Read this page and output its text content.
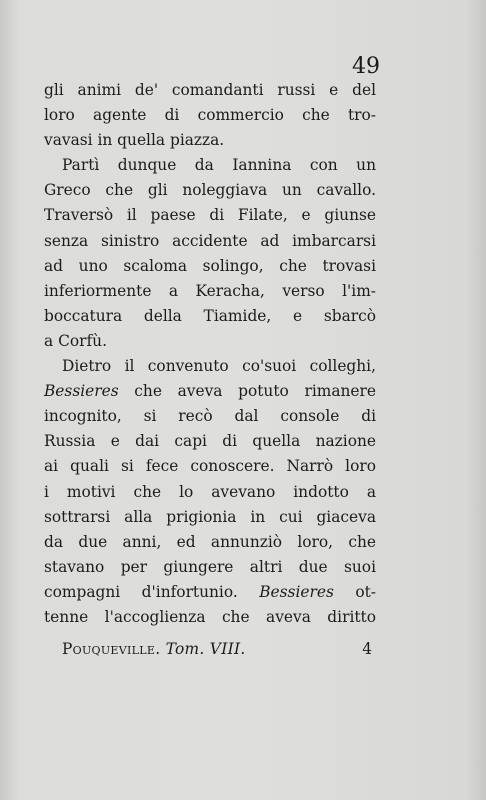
49
gli animi de' comandanti russi e del
loro agente di commercio che tro-
vavasi in quella piazza.
Partì dunque da Iannina con un
Greco che gli noleggiava un cavallo.
Traversò il paese di Filate, e giunse
senza sinistro accidente ad imbarcarsi
ad uno scaloma solingo, che trovasi
inferiormente a Keracha, verso l'im-
boccatura della Tiamide, e sbarcò
a Corfù.
Dietro il convenuto co'suoi colleghi,
Bessieres che aveva potuto rimanere
incognito, si recò dal console di
Russia e dai capi di quella nazione
ai quali si fece conoscere. Narrò loro
i motivi che lo avevano indotto a
sottrarsi alla prigionia in cui giaceva
da due anni, ed annunziò loro, che
stavano per giungere altri due suoi
compagni d'infortunio. Bessieres ot-
tenne l'accoglienza che aveva diritto
Pouqueville. Tom. VIII.	4
